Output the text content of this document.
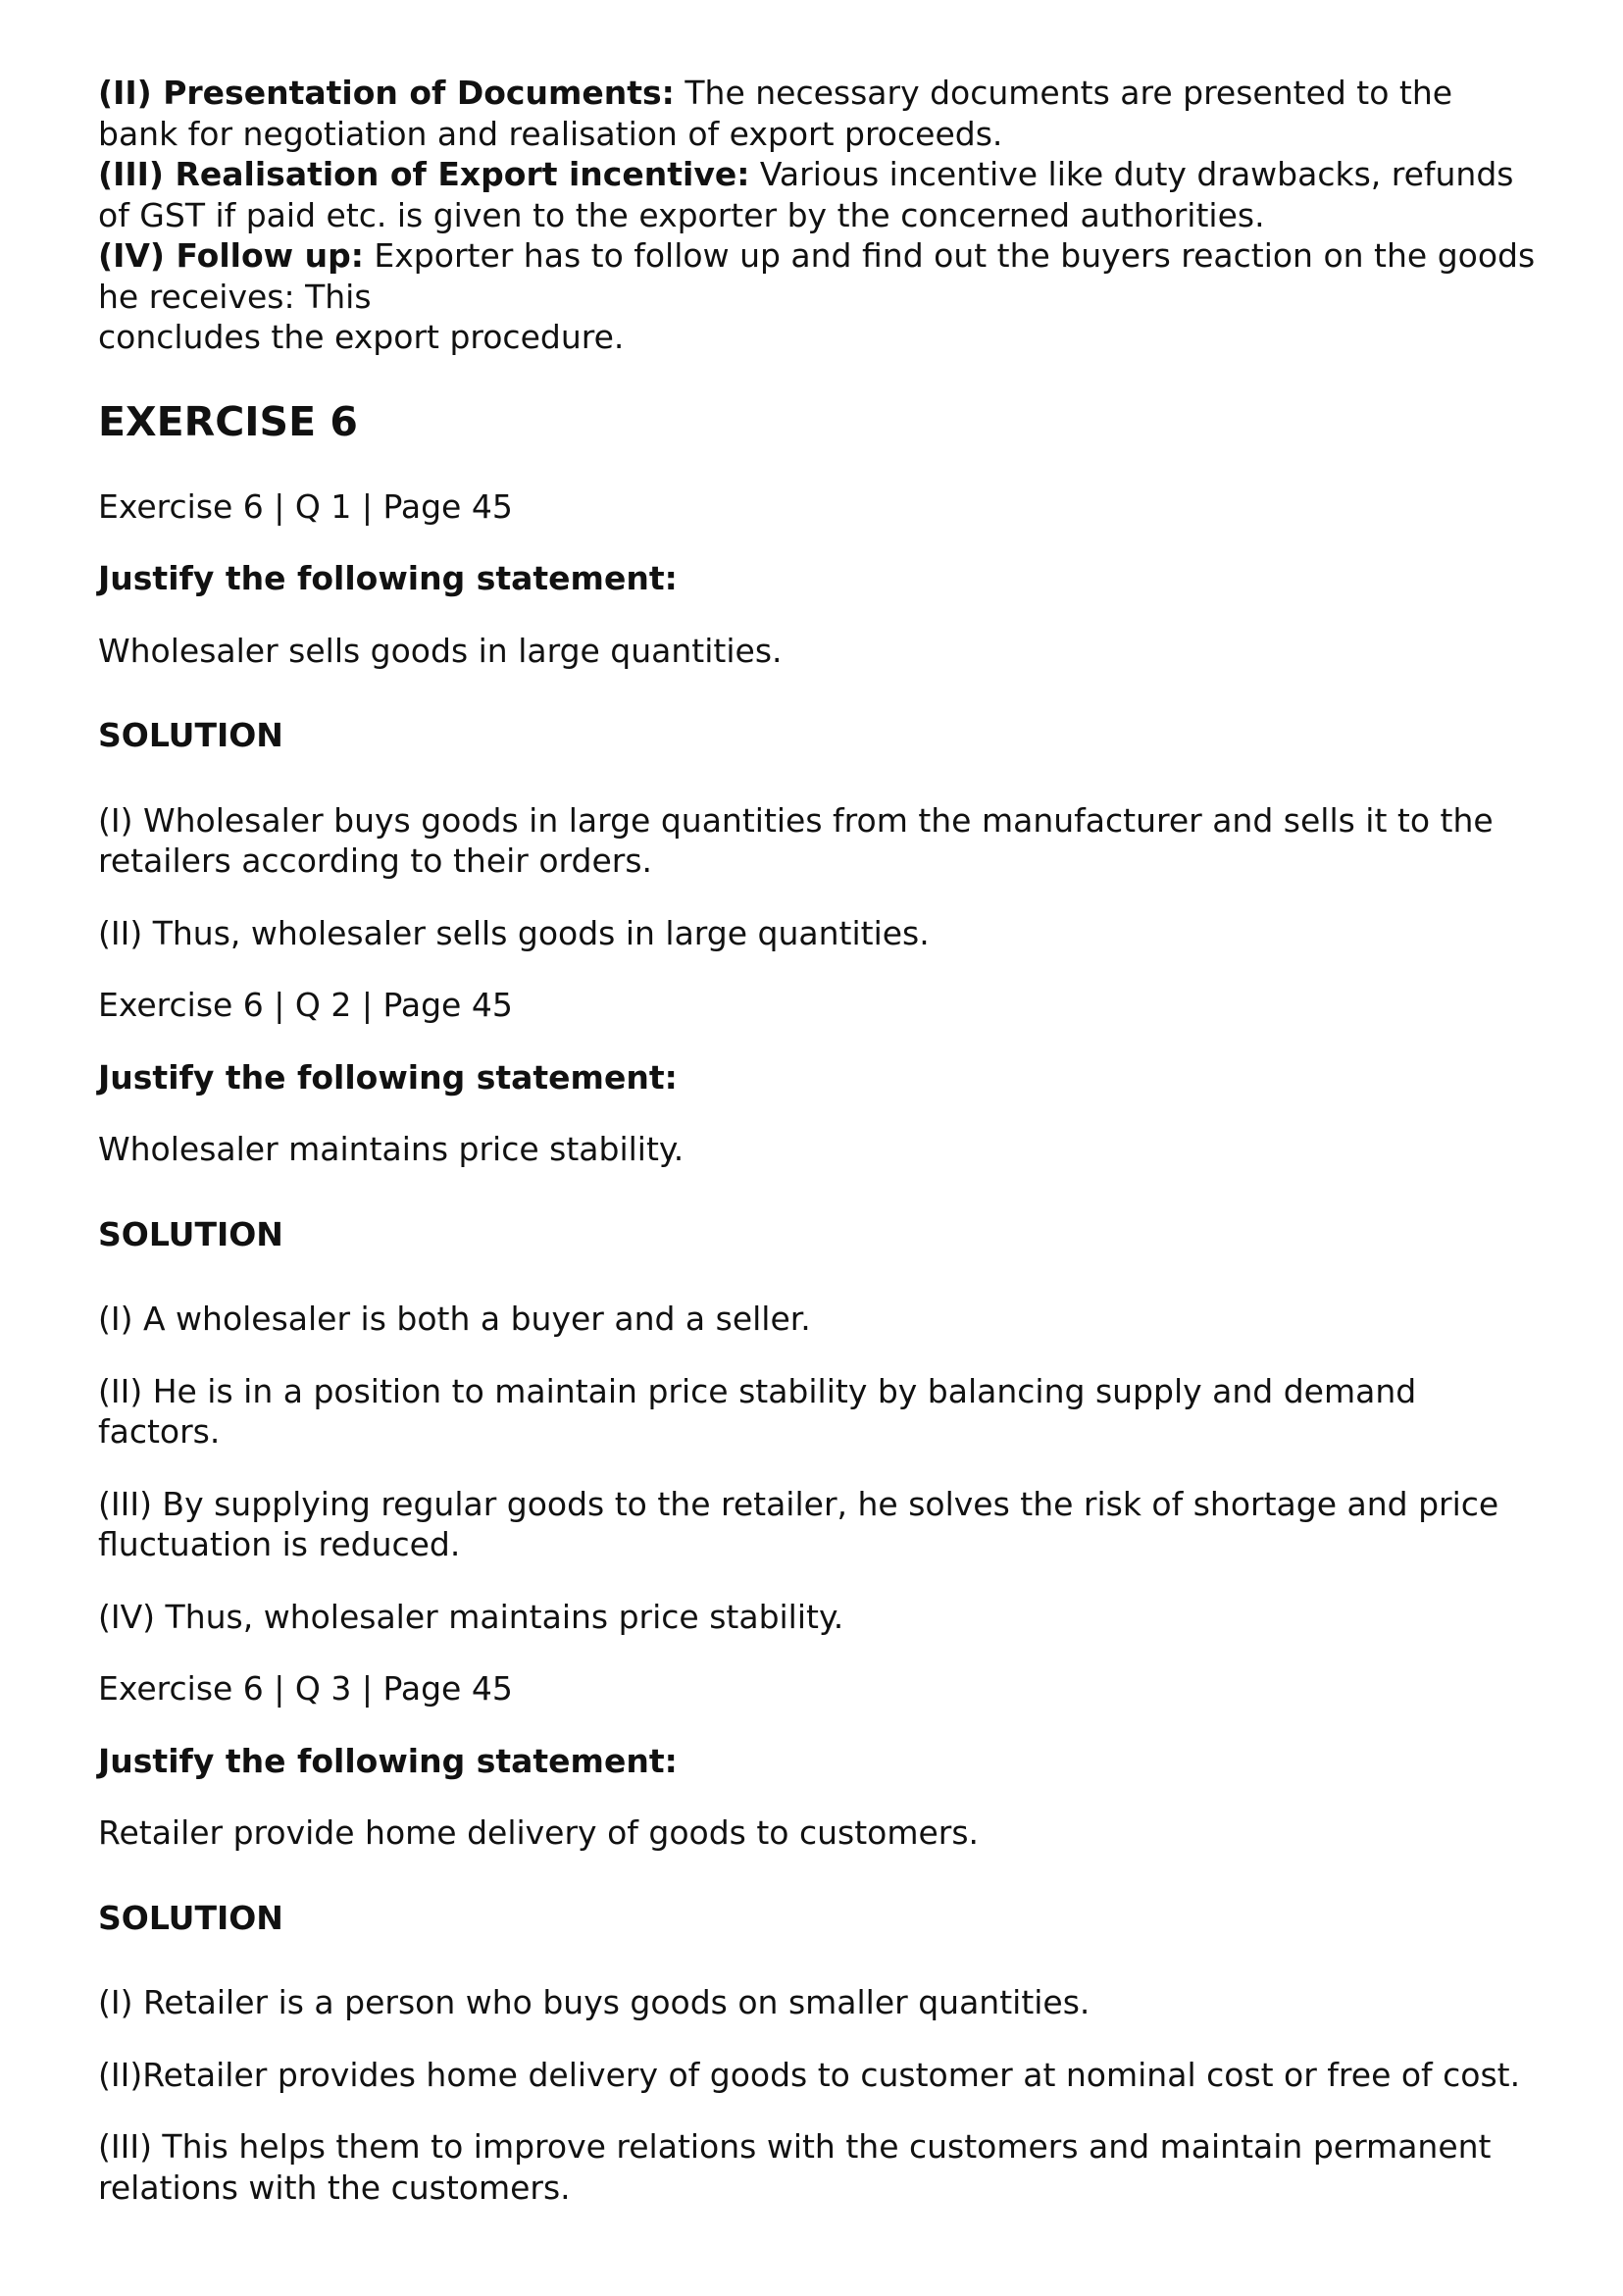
(II) Presentation of Documents: The necessary documents are presented to the bank for negotiation and realisation of export proceeds.

(III) Realisation of Export incentive: Various incentive like duty drawbacks, refunds of GST if paid etc. is given to the exporter by the concerned authorities.

(IV) Follow up: Exporter has to follow up and find out the buyers reaction on the goods he receives: This

concludes the export procedure.

EXERCISE 6

Exercise 6 | Q 1 | Page 45

Justify the following statement:

Wholesaler sells goods in large quantities.

SOLUTION

(I) Wholesaler buys goods in large quantities from the manufacturer and sells it to the retailers according to their orders.

(II) Thus, wholesaler sells goods in large quantities.

Exercise 6 | Q 2 | Page 45

Justify the following statement:

Wholesaler maintains price stability.

SOLUTION

(I) A wholesaler is both a buyer and a seller.

(II) He is in a position to maintain price stability by balancing supply and demand factors.

(III) By supplying regular goods to the retailer, he solves the risk of shortage and price fluctuation is reduced.

(IV) Thus, wholesaler maintains price stability.

Exercise 6 | Q 3 | Page 45

Justify the following statement:

Retailer provide home delivery of goods to customers.

SOLUTION

(I) Retailer is a person who buys goods on smaller quantities.

(II)Retailer provides home delivery of goods to customer at nominal cost or free of cost.

(III) This helps them to improve relations with the customers and maintain permanent relations with the customers.
